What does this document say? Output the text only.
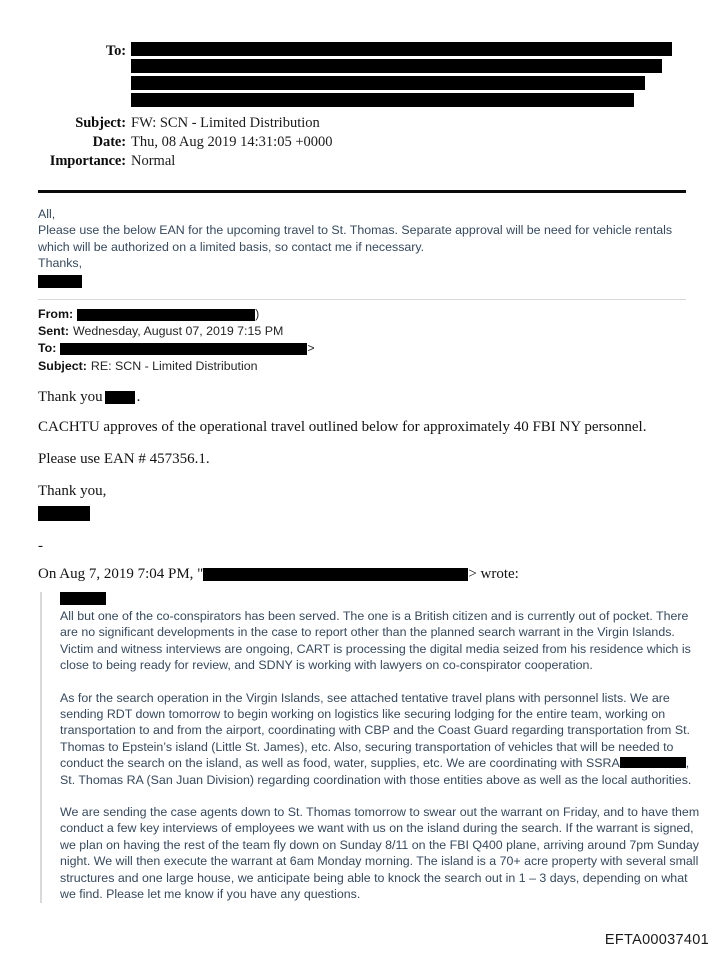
To:
Subject: FW: SCN - Limited Distribution
Date: Thu, 08 Aug 2019 14:31:05 +0000
Importance: Normal

All,

Please use the below EAN for the upcoming travel to St. Thomas. Separate approval will be need for vehicle rentals which will be authorized on a limited basis, so contact me if necessary.

Thanks,

From:	)
Sent: Wednesday, August 07, 2019 7:15 PM
To:	>
Subject: RE: SCN - Limited Distribution

Thank you .

CACHTU approves of the operational travel outlined below for approximately 40 FBI NY personnel.

Please use EAN # 457356.1.

Thank you,

-

On Aug 7, 2019 7:04 PM, "	> wrote:

All but one of the co-conspirators has been served. The one is a British citizen and is currently out of pocket. There are no significant developments in the case to report other than the planned search warrant in the Virgin Islands. Victim and witness interviews are ongoing, CART is processing the digital media seized from his residence which is close to being ready for review, and SDNY is working with lawyers on co-conspirator cooperation.

As for the search operation in the Virgin Islands, see attached tentative travel plans with personnel lists. We are sending RDT down tomorrow to begin working on logistics like securing lodging for the entire team, working on transportation to and from the airport, coordinating with CBP and the Coast Guard regarding transportation from St. Thomas to Epstein’s island (Little St. James), etc. Also, securing transportation of vehicles that will be needed to conduct the search on the island, as well as food, water, supplies, etc. We are coordinating with SSRA	, St. Thomas RA (San Juan Division) regarding coordination with those entities above as well as the local authorities.

We are sending the case agents down to St. Thomas tomorrow to swear out the warrant on Friday, and to have them conduct a few key interviews of employees we want with us on the island during the search. If the warrant is signed, we plan on having the rest of the team fly down on Sunday 8/11 on the FBI Q400 plane, arriving around 7pm Sunday night. We will then execute the warrant at 6am Monday morning. The island is a 70+ acre property with several small structures and one large house, we anticipate being able to knock the search out in 1 – 3 days, depending on what we find. Please let me know if you have any questions.

EFTA00037401
